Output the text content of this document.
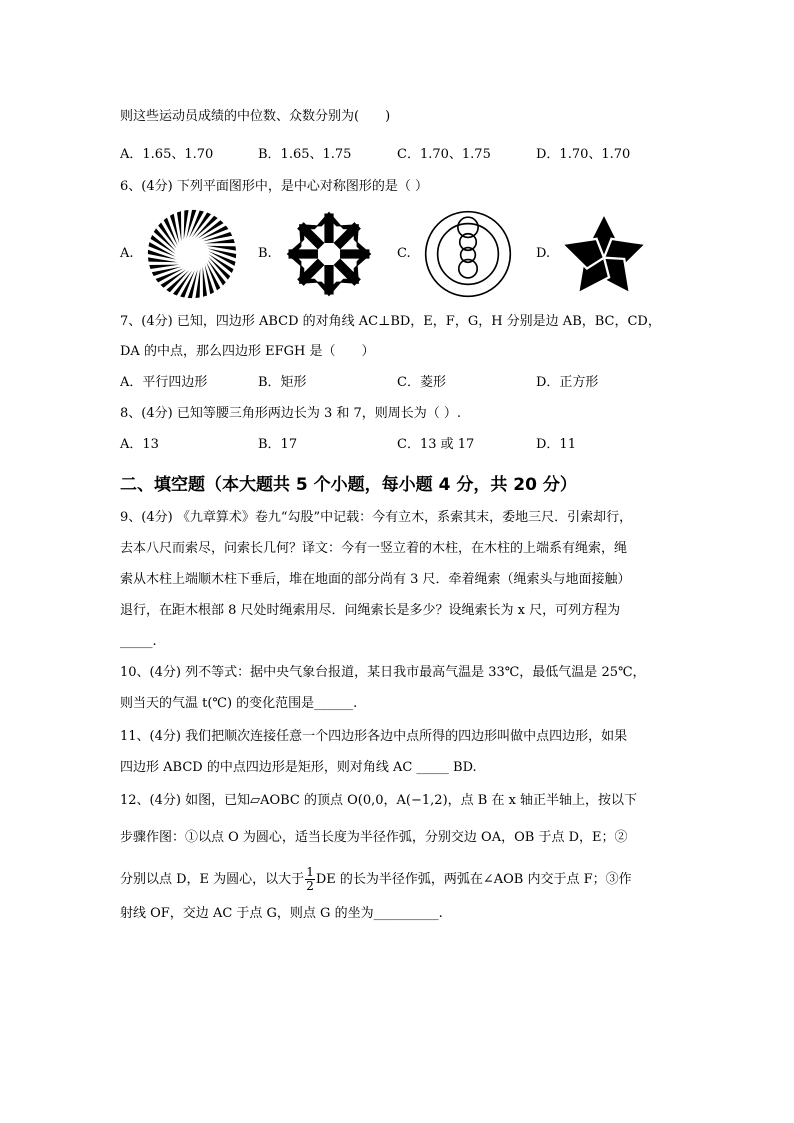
则这些运动员成绩的中位数、众数分别为(　　)
A．1.65、1.70	B．1.65、1.75	C．1.70、1.75	D．1.70、1.70
6、(4分) 下列平面图形中，是中心对称图形的是（ ）
A.	B.	C.	D.
7、(4分) 已知，四边形 ABCD 的对角线 AC⊥BD，E，F，G，H 分别是边 AB，BC，CD，
DA 的中点，那么四边形 EFGH 是（　　）
A．平行四边形	B．矩形	C．菱形	D．正方形
8、(4分) 已知等腰三角形两边长为 3 和 7，则周长为（ ）.
A．13	B．17	C．13 或 17	D．11
二、填空题（本大题共 5 个小题，每小题 4 分，共 20 分）
9、(4分) 《九章算术》卷九“勾股”中记载：今有立木，系索其末，委地三尺．引索却行，
去本八尺而索尽，问索长几何？译文：今有一竖立着的木柱，在木柱的上端系有绳索，绳
索从木柱上端顺木柱下垂后，堆在地面的部分尚有 3 尺．牵着绳索（绳索头与地面接触）
退行，在距木根部 8 尺处时绳索用尽．问绳索长是多少？设绳索长为 x 尺，可列方程为
_____.
10、(4分) 列不等式：据中央气象台报道，某日我市最高气温是 33℃，最低气温是 25℃，
则当天的气温 t(℃) 的变化范围是______.
11、(4分) 我们把顺次连接任意一个四边形各边中点所得的四边形叫做中点四边形，如果
四边形 ABCD 的中点四边形是矩形，则对角线 AC _____ BD.
12、(4分) 如图，已知▱AOBC 的顶点 O(0,0，A(−1,2)，点 B 在 x 轴正半轴上，按以下
步骤作图：①以点 O 为圆心，适当长度为半径作弧，分别交边 OA，OB 于点 D，E；②
分别以点 D，E 为圆心，以大于 $\frac{1}{2}$ DE 的长为半径作弧，两弧在∠AOB 内交于点 F；③作
射线 OF，交边 AC 于点 G，则点 G 的坐为__________.
